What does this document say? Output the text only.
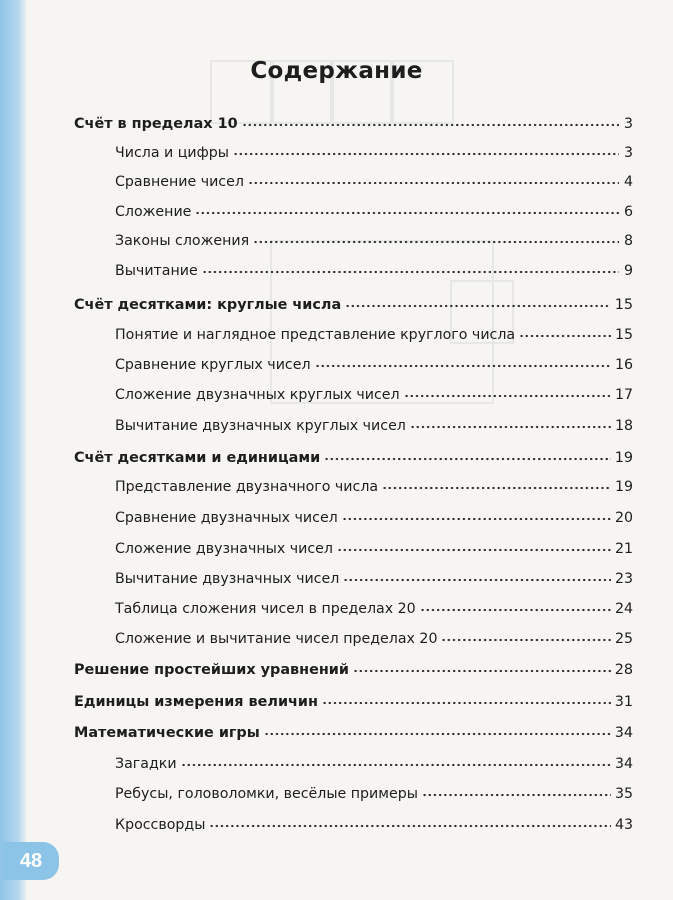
Содержание
Счёт в пределах 10	3
Числа и цифры	3
Сравнение чисел	4
Сложение	6
Законы сложения	8
Вычитание	9
Счёт десятками: круглые числа	15
Понятие и наглядное представление круглого числа	15
Сравнение круглых чисел	16
Сложение двузначных круглых чисел	17
Вычитание двузначных круглых чисел	18
Счёт десятками и единицами	19
Представление двузначного числа	19
Сравнение двузначных чисел	20
Сложение двузначных чисел	21
Вычитание двузначных чисел	23
Таблица сложения чисел в пределах 20	24
Сложение и вычитание чисел пределах 20	25
Решение простейших уравнений	28
Единицы измерения величин	31
Математические игры	34
Загадки	34
Ребусы, головоломки, весёлые примеры	35
Кроссворды	43
48
